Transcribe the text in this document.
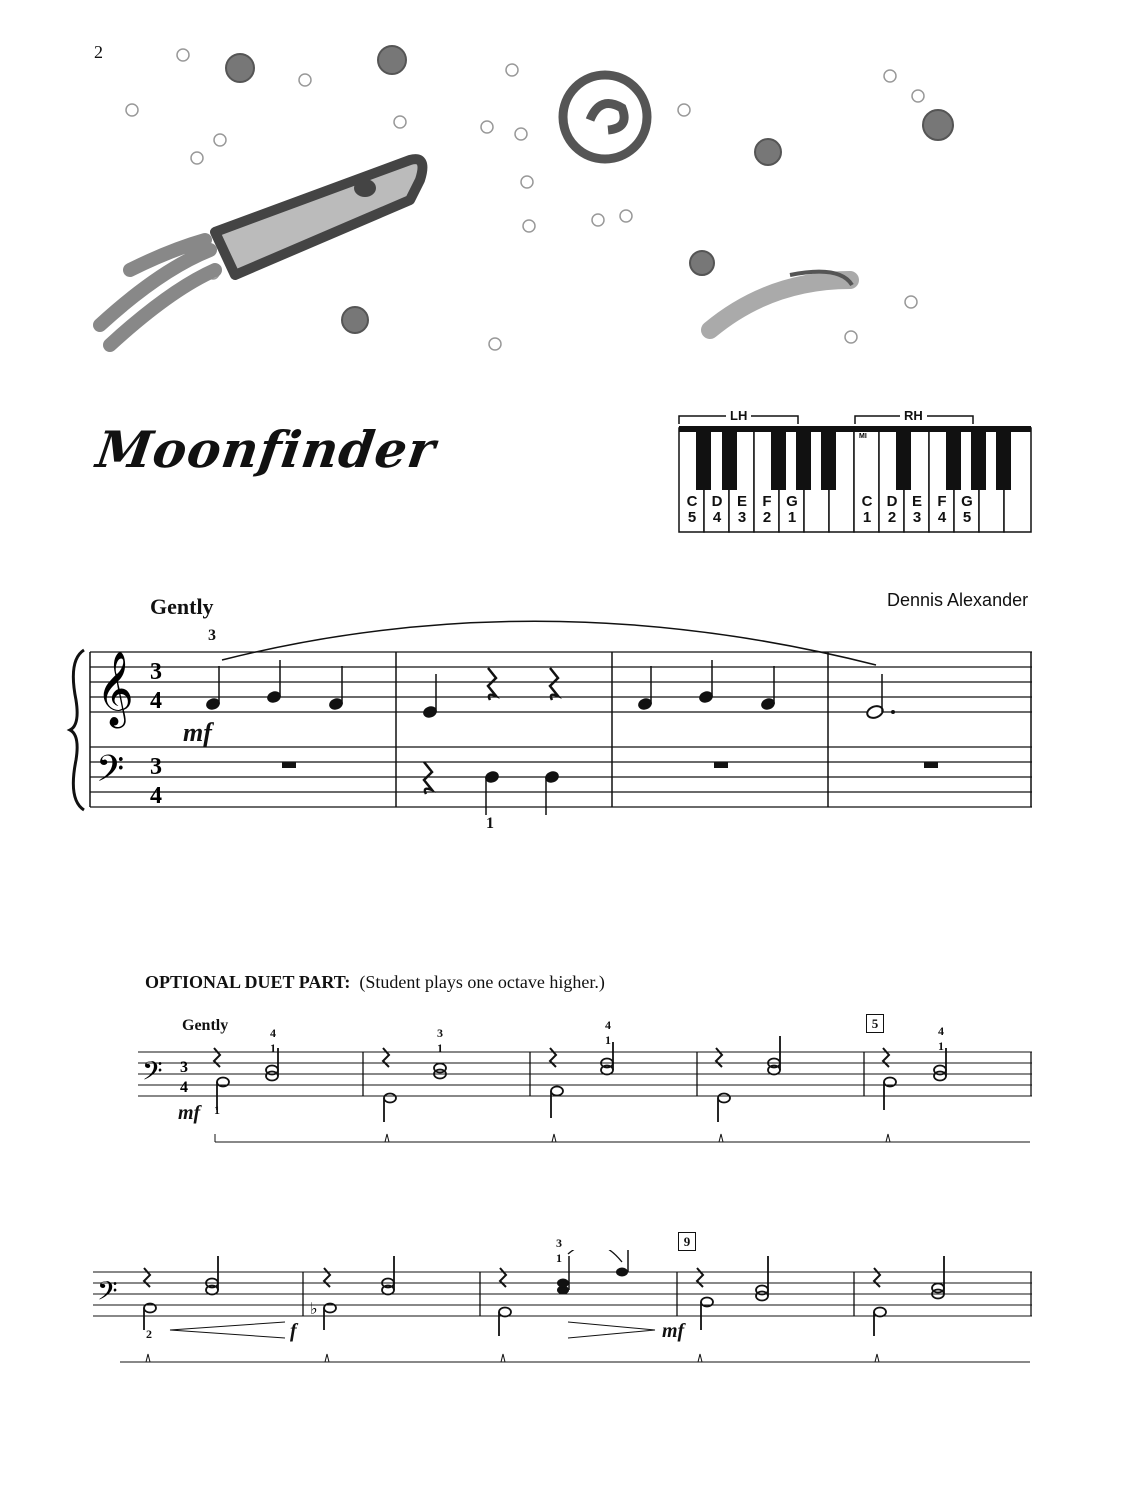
2
Moonfinder	MI
LH	RH
C
5
D
4
E
3
F
2
G
1
C
1
D
2
E
3
F
4
G
5
Gently	Dennis Alexander
3
mf
1
𝄞
𝄢
3
4
3
4
OPTIONAL DUET PART: (Student plays one octave higher.)
Gently
mf
f	mf
5
9
4
1
3
1
4
1
4
1
3
1
1
2
𝄢 3
4
𝄢	♭
